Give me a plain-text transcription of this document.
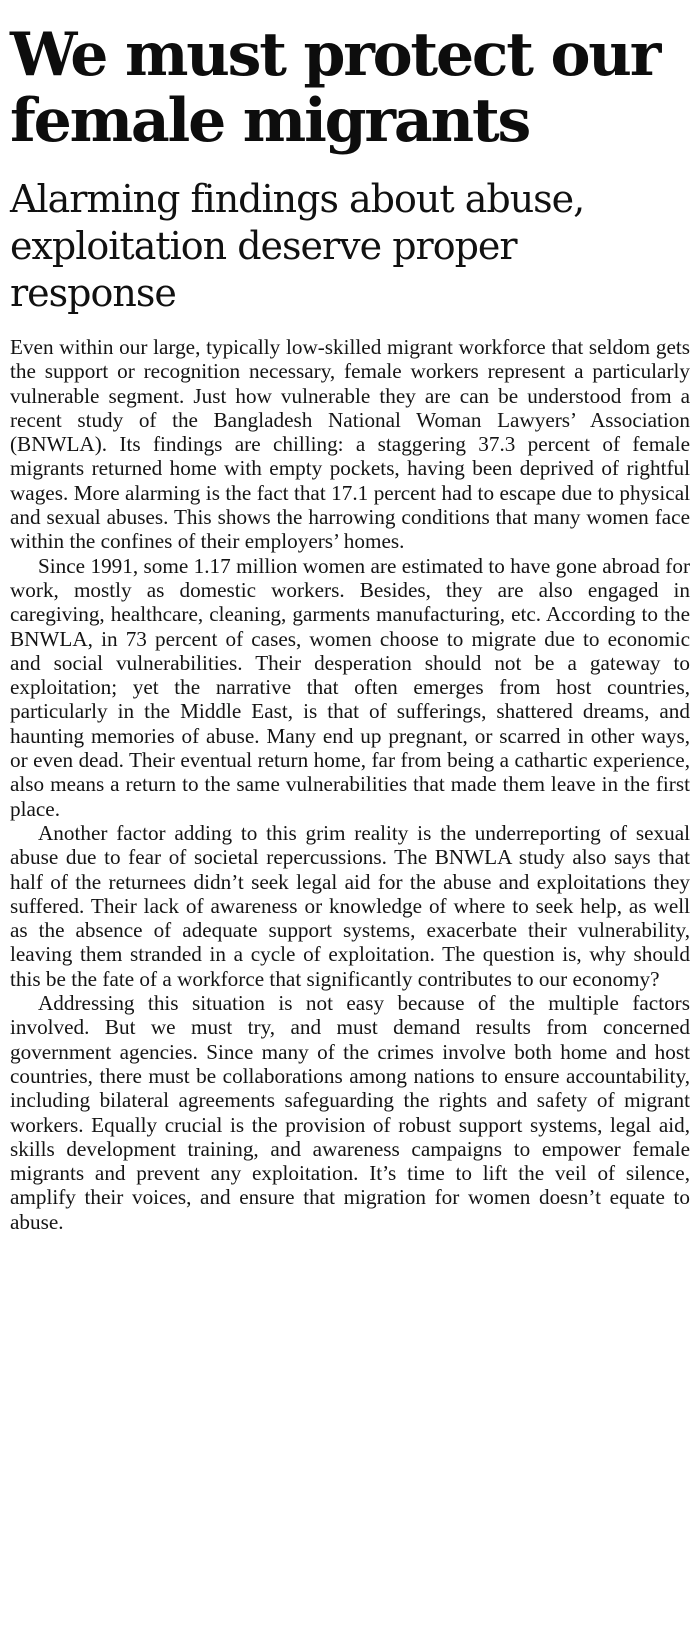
We must protect our female migrants
Alarming findings about abuse, exploitation deserve proper response

Even within our large, typically low-skilled migrant workforce that seldom gets the support or recognition necessary, female workers represent a particularly vulnerable segment. Just how vulnerable they are can be understood from a recent study of the Bangladesh National Woman Lawyers’ Association (BNWLA). Its findings are chilling: a staggering 37.3 percent of female migrants returned home with empty pockets, having been deprived of rightful wages. More alarming is the fact that 17.1 percent had to escape due to physical and sexual abuses. This shows the harrowing conditions that many women face within the confines of their employers’ homes.

Since 1991, some 1.17 million women are estimated to have gone abroad for work, mostly as domestic workers. Besides, they are also engaged in caregiving, healthcare, cleaning, garments manufacturing, etc. According to the BNWLA, in 73 percent of cases, women choose to migrate due to economic and social vulnerabilities. Their desperation should not be a gateway to exploitation; yet the narrative that often emerges from host countries, particularly in the Middle East, is that of sufferings, shattered dreams, and haunting memories of abuse. Many end up pregnant, or scarred in other ways, or even dead. Their eventual return home, far from being a cathartic experience, also means a return to the same vulnerabilities that made them leave in the first place.

Another factor adding to this grim reality is the underreporting of sexual abuse due to fear of societal repercussions. The BNWLA study also says that half of the returnees didn’t seek legal aid for the abuse and exploitations they suffered. Their lack of awareness or knowledge of where to seek help, as well as the absence of adequate support systems, exacerbate their vulnerability, leaving them stranded in a cycle of exploitation. The question is, why should this be the fate of a workforce that significantly contributes to our economy?

Addressing this situation is not easy because of the multiple factors involved. But we must try, and must demand results from concerned government agencies. Since many of the crimes involve both home and host countries, there must be collaborations among nations to ensure accountability, including bilateral agreements safeguarding the rights and safety of migrant workers. Equally crucial is the provision of robust support systems, legal aid, skills development training, and awareness campaigns to empower female migrants and prevent any exploitation. It’s time to lift the veil of silence, amplify their voices, and ensure that migration for women doesn’t equate to abuse.
